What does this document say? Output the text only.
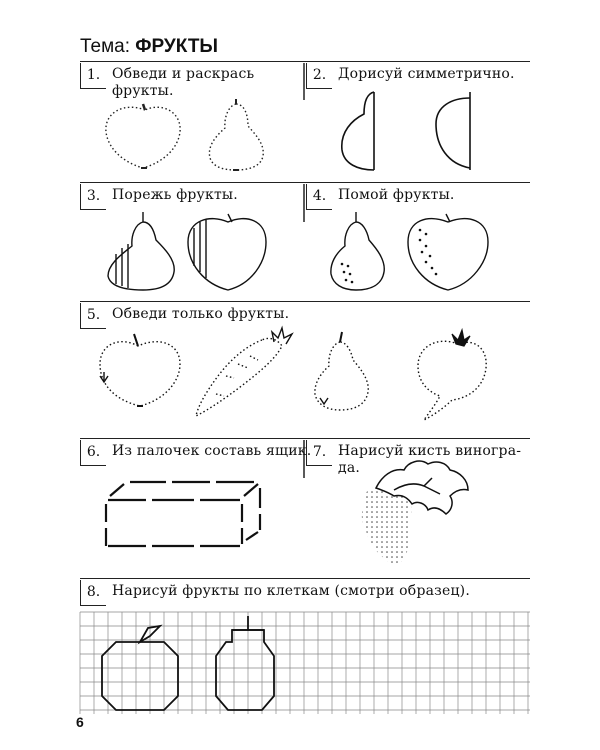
Тема: ФРУКТЫ
1. Обведи и раскрась фрукты.
2. Дорисуй симметрично.
3. Порежь фрукты.	4. Помой фрукты.
5. Обведи только фрукты.
6. Из палочек составь ящик. 7. Нарисуй кисть виногра-да.
8. Нарисуй фрукты по клеткам (смотри образец).
6
